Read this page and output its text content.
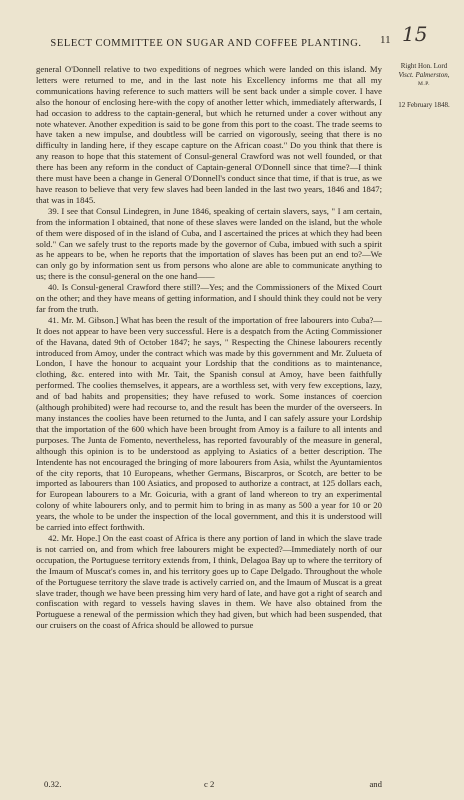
SELECT COMMITTEE ON SUGAR AND COFFEE PLANTING.	11 15
Right Hon. Lord
Visct. Palmerston,
M.P.
12 February 1848.

general O'Donnell relative to two expeditions of negroes which were landed on this island. My letters were returned to me, and in the last note his Excellency informs me that all my communications having reference to such matters will be sent back under a simple cover. I have also the honour of enclosing here-with the copy of another letter which, immediately afterwards, I had occasion to address to the captain-general, but which he returned under a cover without any note whatever. Another expedition is said to be gone from this port to the coast. The trade seems to have taken a new impulse, and doubtless will be carried on vigorously, seeing that there is no difficulty in landing here, if they escape capture on the African coast." Do you think that there is any reason to hope that this statement of Consul-general Crawford was not well founded, or that there has been any reform in the conduct of Captain-general O'Donnell since that time?—I think there must have been a change in General O'Donnell's conduct since that time, if that is true, as we have reason to believe that very few slaves had been landed in the last two years, 1846 and 1847; that was in 1845.

39. I see that Consul Lindegren, in June 1846, speaking of certain slavers, says, " I am certain, from the information I obtained, that none of these slaves were landed on the island, but the whole of them were disposed of in the island of Cuba, and I ascertained the prices at which they had been sold." Can we safely trust to the reports made by the governor of Cuba, imbued with such a spirit as he appears to be, when he reports that the importation of slaves has been put an end to?—We can only go by information sent us from persons who alone are able to communicate anything to us; there is the consul-general on the one hand——

40. Is Consul-general Crawford there still?—Yes; and the Commissioners of the Mixed Court on the other; and they have means of getting information, and I should think they could not be very far from the truth.

41. Mr. M. Gibson.] What has been the result of the importation of free labourers into Cuba?—It does not appear to have been very successful. Here is a despatch from the Acting Commissioner of the Havana, dated 9th of October 1847; he says, " Respecting the Chinese labourers recently introduced from Amoy, under the contract which was made by this government and Mr. Zulueta of London, I have the honour to acquaint your Lordship that the conditions as to maintenance, clothing, &c. entered into with Mr. Tait, the Spanish consul at Amoy, have been faithfully performed. The coolies themselves, it appears, are a worthless set, with very few exceptions, lazy, and of bad habits and propensities; they have refused to work. Some instances of coercion (although prohibited) were had recourse to, and the result has been the murder of the overseers. In many instances the coolies have been returned to the Junta, and I can safely assure your Lordship that the importation of the 600 which have been brought from Amoy is a failure to all intents and purposes. The Junta de Fomento, nevertheless, has reported favourably of the measure in general, although this opinion is to be understood as applying to Asiatics of a better description. The Intendente has not encouraged the bringing of more labourers from Asia, whilst the Ayuntamientos of the city reports, that 10 Europeans, whether Germans, Biscarpros, or Scotch, are better to be imported as labourers than 100 Asiatics, and proposed to authorize a contract, at 125 dollars each, for European labourers to a Mr. Goicuria, with a grant of land whereon to try an experimental colony of white labourers only, and to permit him to bring in as many as 500 a year for 10 or 20 years, the whole to be under the inspection of the local government, and this it is understood will be carried into effect forthwith.

42. Mr. Hope.] On the east coast of Africa is there any portion of land in which the slave trade is not carried on, and from which free labourers might be expected?—Immediately north of our occupation, the Portuguese territory extends from, I think, Delagoa Bay up to where the territory of the Imaum of Muscat's comes in, and his territory goes up to Cape Delgado. Throughout the whole of the Portuguese territory the slave trade is actively carried on, and the Imaum of Muscat is a great slave trader, though we have been pressing him very hard of late, and have got a right of search and confiscation with regard to vessels having slaves in them. We have also obtained from the Portuguese a renewal of the permission which they had given, but which had been suspended, that our cruisers on the coast of Africa should be allowed to pursue

0.32.	c 2	and
